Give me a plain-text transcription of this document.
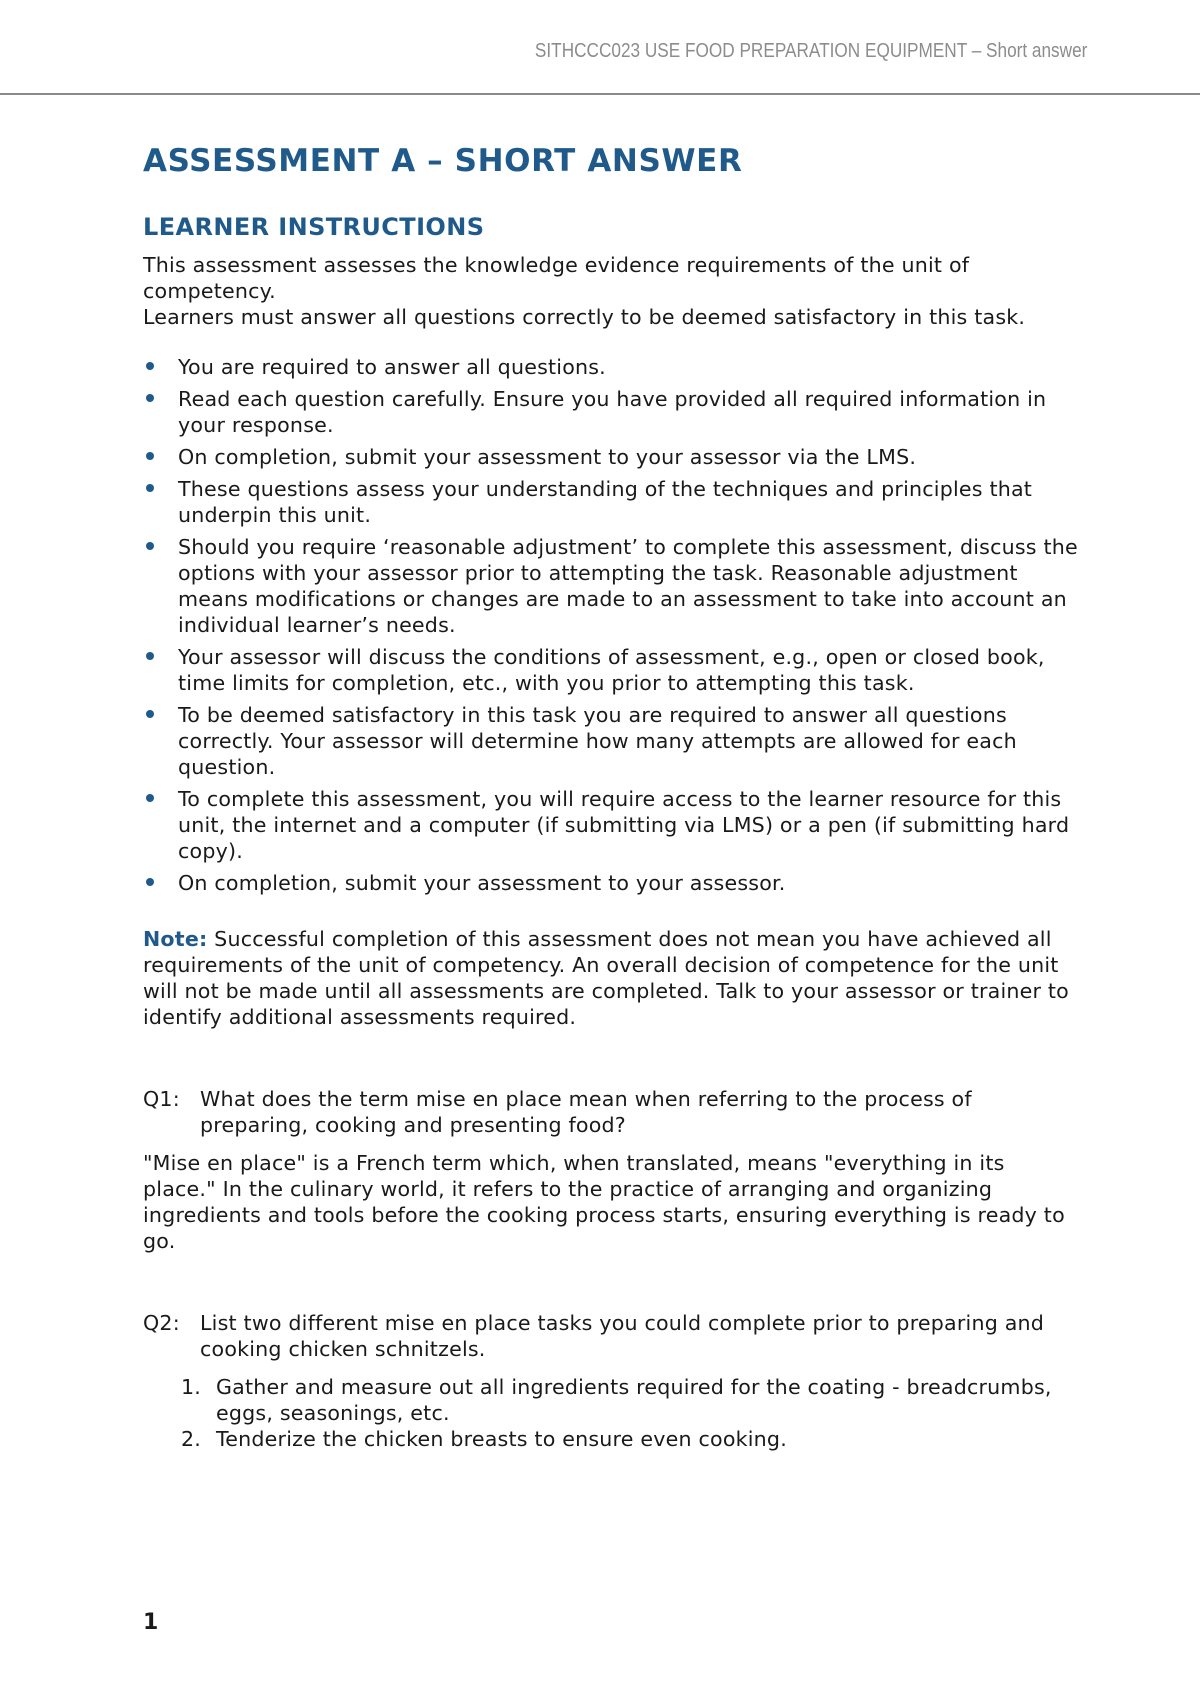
SITHCCC023 USE FOOD PREPARATION EQUIPMENT – Short answer
ASSESSMENT A – SHORT ANSWER
LEARNER INSTRUCTIONS

This assessment assesses the knowledge evidence requirements of the unit of competency.

Learners must answer all questions correctly to be deemed satisfactory in this task.

You are required to answer all questions.
Read each question carefully. Ensure you have provided all required information in your response.
On completion, submit your assessment to your assessor via the LMS.
These questions assess your understanding of the techniques and principles that underpin this unit.
Should you require ‘reasonable adjustment’ to complete this assessment, discuss the options with your assessor prior to attempting the task. Reasonable adjustment means modifications or changes are made to an assessment to take into account an individual learner’s needs.
Your assessor will discuss the conditions of assessment, e.g., open or closed book, time limits for completion, etc., with you prior to attempting this task.
To be deemed satisfactory in this task you are required to answer all questions correctly. Your assessor will determine how many attempts are allowed for each question.
To complete this assessment, you will require access to the learner resource for this unit, the internet and a computer (if submitting via LMS) or a pen (if submitting hard copy).
On completion, submit your assessment to your assessor.

Note: Successful completion of this assessment does not mean you have achieved all requirements of the unit of competency. An overall decision of competence for the unit will not be made until all assessments are completed. Talk to your assessor or trainer to identify additional assessments required.

Q1: What does the term mise en place mean when referring to the process of preparing, cooking and presenting food?

"Mise en place" is a French term which, when translated, means "everything in its place." In the culinary world, it refers to the practice of arranging and organizing ingredients and tools before the cooking process starts, ensuring everything is ready to go.

Q2: List two different mise en place tasks you could complete prior to preparing and cooking chicken schnitzels.
1. Gather and measure out all ingredients required for the coating - breadcrumbs, eggs, seasonings, etc.
2. Tenderize the chicken breasts to ensure even cooking.
1
